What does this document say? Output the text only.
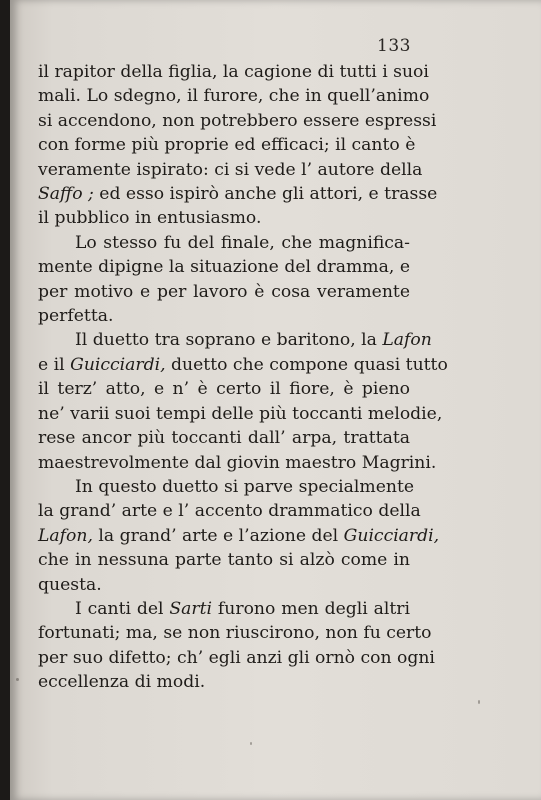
133
il rapitor della figlia, la cagione di tutti i suoi
mali. Lo sdegno, il furore, che in quell’animo
si accendono, non potrebbero essere espressi
con forme più proprie ed efficaci; il canto è
veramente ispirato: ci si vede l’ autore della
Saffo ; ed esso ispirò anche gli attori, e trasse
il pubblico in entusiasmo.
Lo stesso fu del finale, che magnifica-
mente dipigne la situazione del dramma, e
per motivo e per lavoro è cosa veramente
perfetta.
Il duetto tra soprano e baritono, la Lafon
e il Guicciardi, duetto che compone quasi tutto
il terz’ atto, e n’ è certo il fiore, è pieno
ne’ varii suoi tempi delle più toccanti melodie,
rese ancor più toccanti dall’ arpa, trattata
maestrevolmente dal giovin maestro Magrini.
In questo duetto si parve specialmente
la grand’ arte e l’ accento drammatico della
Lafon, la grand’ arte e l’azione del Guicciardi,
che in nessuna parte tanto si alzò come in
questa.
I canti del Sarti furono men degli altri
fortunati; ma, se non riuscirono, non fu certo
per suo difetto; ch’ egli anzi gli ornò con ogni
eccellenza di modi.
